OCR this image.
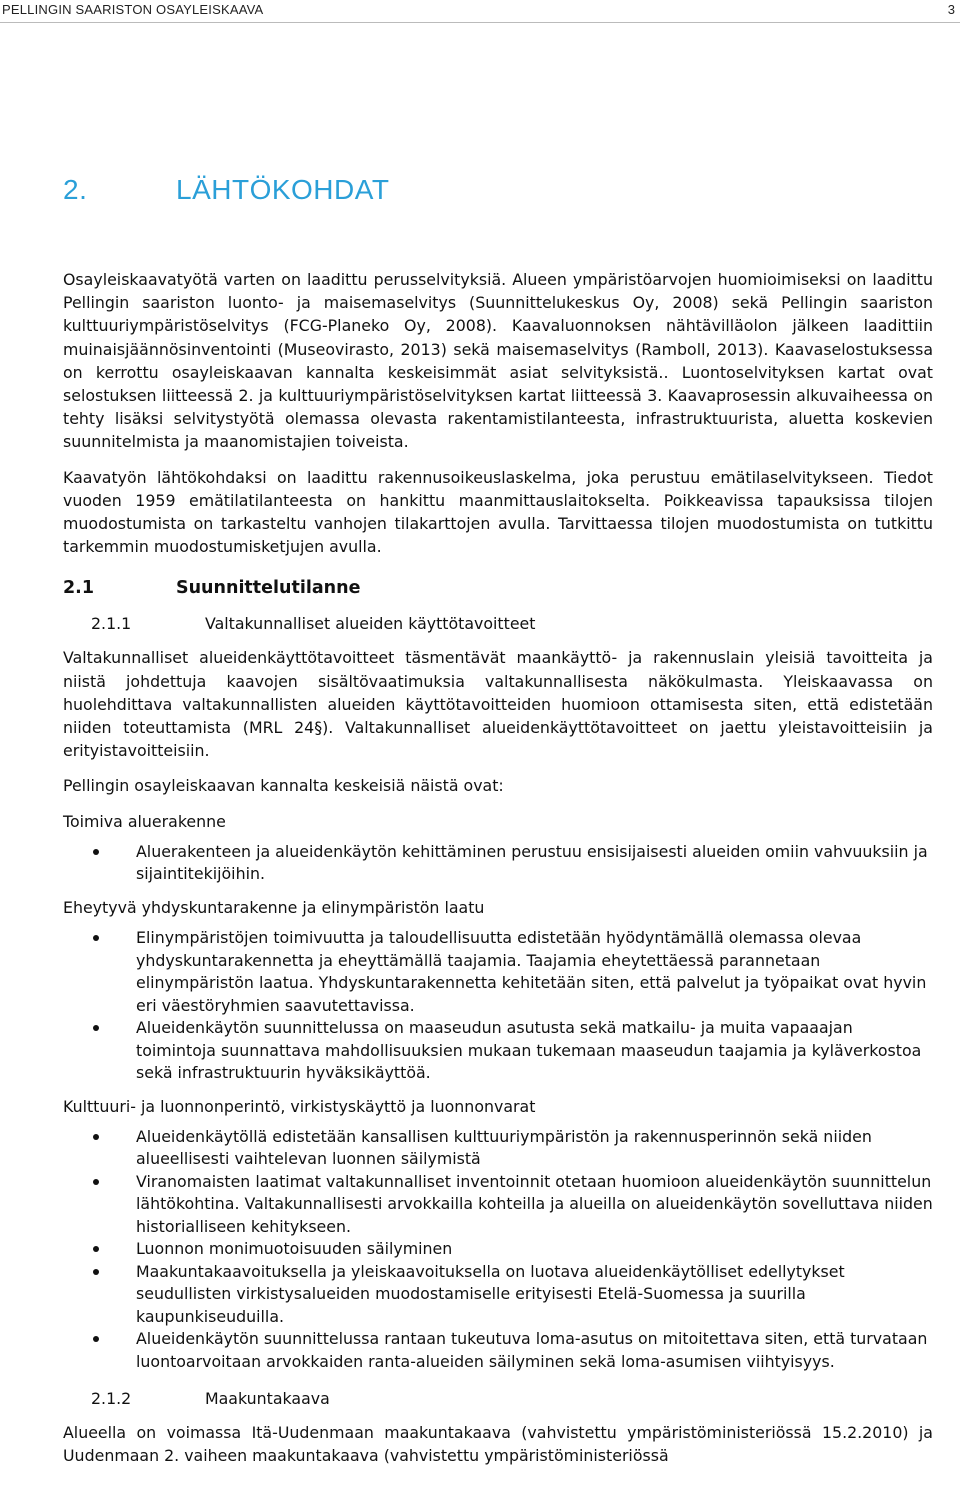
PELLINGIN SAARISTON OSAYLEISKAAVA	3
2.	LÄHTÖKOHDAT

Osayleiskaavatyötä varten on laadittu perusselvityksiä. Alueen ympäristöarvojen huomioimiseksi on laadittu Pellingin saariston luonto- ja maisemaselvitys (Suunnittelukeskus Oy, 2008) sekä Pellingin saariston kulttuuriympäristöselvitys (FCG-Planeko Oy, 2008). Kaavaluonnoksen nähtävilläolon jälkeen laadittiin muinaisjäännösinventointi (Museovirasto, 2013) sekä maisemaselvitys (Ramboll, 2013). Kaavaselostuksessa on kerrottu osayleiskaavan kannalta keskeisimmät asiat selvityksistä.. Luontoselvityksen kartat ovat selostuksen liitteessä 2. ja kulttuuriympäristöselvityksen kartat liitteessä 3. Kaavaprosessin alkuvaiheessa on tehty lisäksi selvitystyötä olemassa olevasta rakentamistilanteesta, infrastruktuurista, aluetta koskevien suunnitelmista ja maanomistajien toiveista.

Kaavatyön lähtökohdaksi on laadittu rakennusoikeuslaskelma, joka perustuu emätilaselvitykseen. Tiedot vuoden 1959 emätilatilanteesta on hankittu maanmittauslaitokselta. Poikkeavissa tapauksissa tilojen muodostumista on tarkasteltu vanhojen tilakarttojen avulla. Tarvittaessa tilojen muodostumista on tutkittu tarkemmin muodostumisketjujen avulla.

2.1	Suunnittelutilanne
2.1.1	Valtakunnalliset alueiden käyttötavoitteet

Valtakunnalliset alueidenkäyttötavoitteet täsmentävät maankäyttö- ja rakennuslain yleisiä tavoitteita ja niistä johdettuja kaavojen sisältövaatimuksia valtakunnallisesta näkökulmasta. Yleiskaavassa on huolehdittava valtakunnallisten alueiden käyttötavoitteiden huomioon ottamisesta siten, että edistetään niiden toteuttamista (MRL 24§). Valtakunnalliset alueidenkäyttötavoitteet on jaettu yleistavoitteisiin ja erityistavoitteisiin.

Pellingin osayleiskaavan kannalta keskeisiä näistä ovat:

Toimiva aluerakenne
Aluerakenteen ja alueidenkäytön kehittäminen perustuu ensisijaisesti alueiden omiin vahvuuksiin ja sijaintitekijöihin.
Eheytyvä yhdyskuntarakenne ja elinympäristön laatu
Elinympäristöjen toimivuutta ja taloudellisuutta edistetään hyödyntämällä olemassa olevaa yhdyskuntarakennetta ja eheyttämällä taajamia. Taajamia eheytettäessä parannetaan elinympäristön laatua. Yhdyskuntarakennetta kehitetään siten, että palvelut ja työpaikat ovat hyvin eri väestöryhmien saavutettavissa.
Alueidenkäytön suunnittelussa on maaseudun asutusta sekä matkailu- ja muita vapaaajan toimintoja suunnattava mahdollisuuksien mukaan tukemaan maaseudun taajamia ja kyläverkostoa sekä infrastruktuurin hyväksikäyttöä.
Kulttuuri- ja luonnonperintö, virkistyskäyttö ja luonnonvarat
Alueidenkäytöllä edistetään kansallisen kulttuuriympäristön ja rakennusperinnön sekä niiden alueellisesti vaihtelevan luonnen säilymistä
Viranomaisten laatimat valtakunnalliset inventoinnit otetaan huomioon alueidenkäytön suunnittelun lähtökohtina. Valtakunnallisesti arvokkailla kohteilla ja alueilla on alueidenkäytön sovelluttava niiden historialliseen kehitykseen.
Luonnon monimuotoisuuden säilyminen
Maakuntakaavoituksella ja yleiskaavoituksella on luotava alueidenkäytölliset edellytykset seudullisten virkistysalueiden muodostamiselle erityisesti Etelä-Suomessa ja suurilla kaupunkiseuduilla.
Alueidenkäytön suunnittelussa rantaan tukeutuva loma-asutus on mitoitettava siten, että turvataan luontoarvoitaan arvokkaiden ranta-alueiden säilyminen sekä loma-asumisen viihtyisyys.
2.1.2	Maakuntakaava

Alueella on voimassa Itä-Uudenmaan maakuntakaava (vahvistettu ympäristöministeriössä 15.2.2010) ja Uudenmaan 2. vaiheen maakuntakaava (vahvistettu ympäristöministeriössä
